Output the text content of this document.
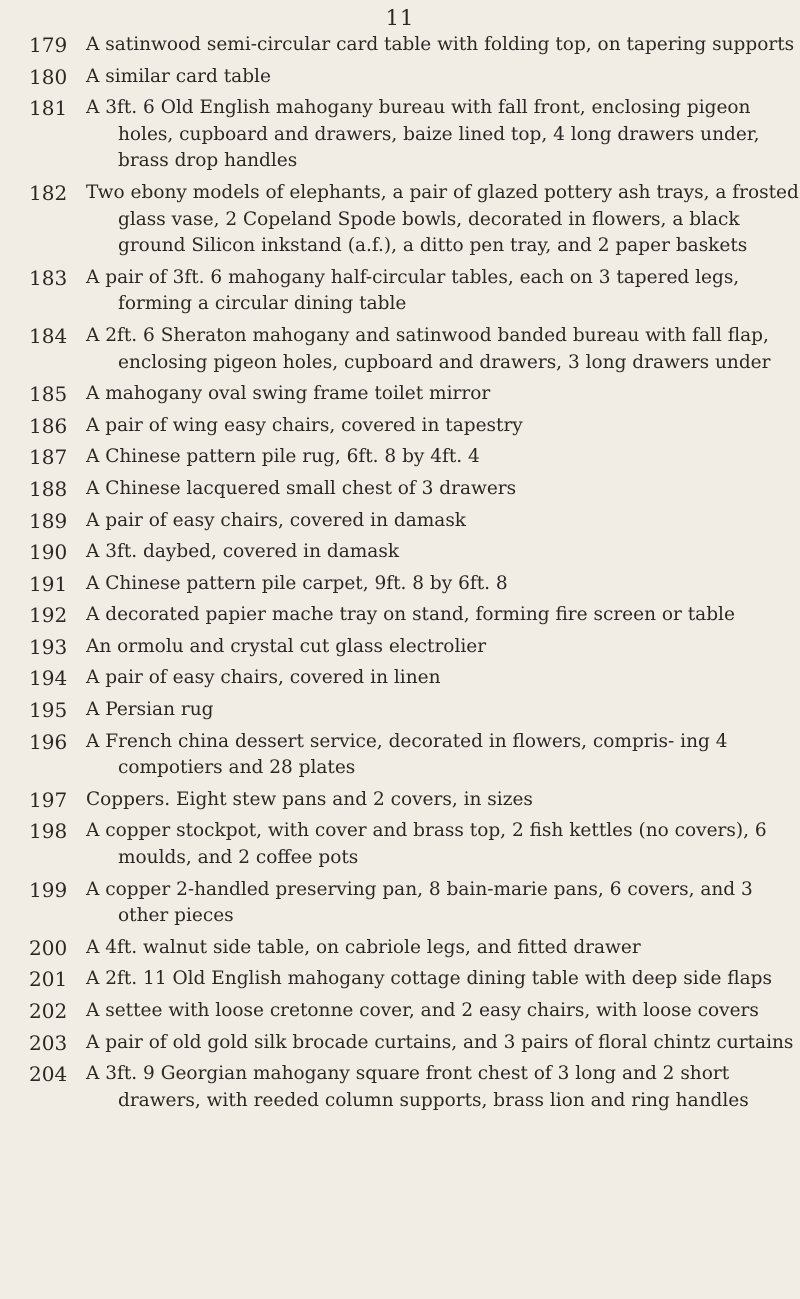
11

179 A satinwood semi-circular card table with folding top, on tapering supports

180 A similar card table

181 A 3ft. 6 Old English mahogany bureau with fall front, enclosing pigeon holes, cupboard and drawers, baize lined top, 4 long drawers under, brass drop handles

182 Two ebony models of elephants, a pair of glazed pottery ash trays, a frosted glass vase, 2 Copeland Spode bowls, decorated in flowers, a black ground Silicon inkstand (a.f.), a ditto pen tray, and 2 paper baskets

183 A pair of 3ft. 6 mahogany half-circular tables, each on 3 tapered legs, forming a circular dining table

184 A 2ft. 6 Sheraton mahogany and satinwood banded bureau with fall flap, enclosing pigeon holes, cupboard and drawers, 3 long drawers under

185 A mahogany oval swing frame toilet mirror

186 A pair of wing easy chairs, covered in tapestry

187 A Chinese pattern pile rug, 6ft. 8 by 4ft. 4

188 A Chinese lacquered small chest of 3 drawers

189 A pair of easy chairs, covered in damask

190 A 3ft. daybed, covered in damask

191 A Chinese pattern pile carpet, 9ft. 8 by 6ft. 8

192 A decorated papier mache tray on stand, forming fire screen or table

193 An ormolu and crystal cut glass electrolier

194 A pair of easy chairs, covered in linen

195 A Persian rug

196 A French china dessert service, decorated in flowers, compris- ing 4 compotiers and 28 plates

197 Coppers. Eight stew pans and 2 covers, in sizes

198 A copper stockpot, with cover and brass top, 2 fish kettles (no covers), 6 moulds, and 2 coffee pots

199 A copper 2-handled preserving pan, 8 bain-marie pans, 6 covers, and 3 other pieces

200 A 4ft. walnut side table, on cabriole legs, and fitted drawer

201 A 2ft. 11 Old English mahogany cottage dining table with deep side flaps

202 A settee with loose cretonne cover, and 2 easy chairs, with loose covers

203 A pair of old gold silk brocade curtains, and 3 pairs of floral chintz curtains

204 A 3ft. 9 Georgian mahogany square front chest of 3 long and 2 short drawers, with reeded column supports, brass lion and ring handles
